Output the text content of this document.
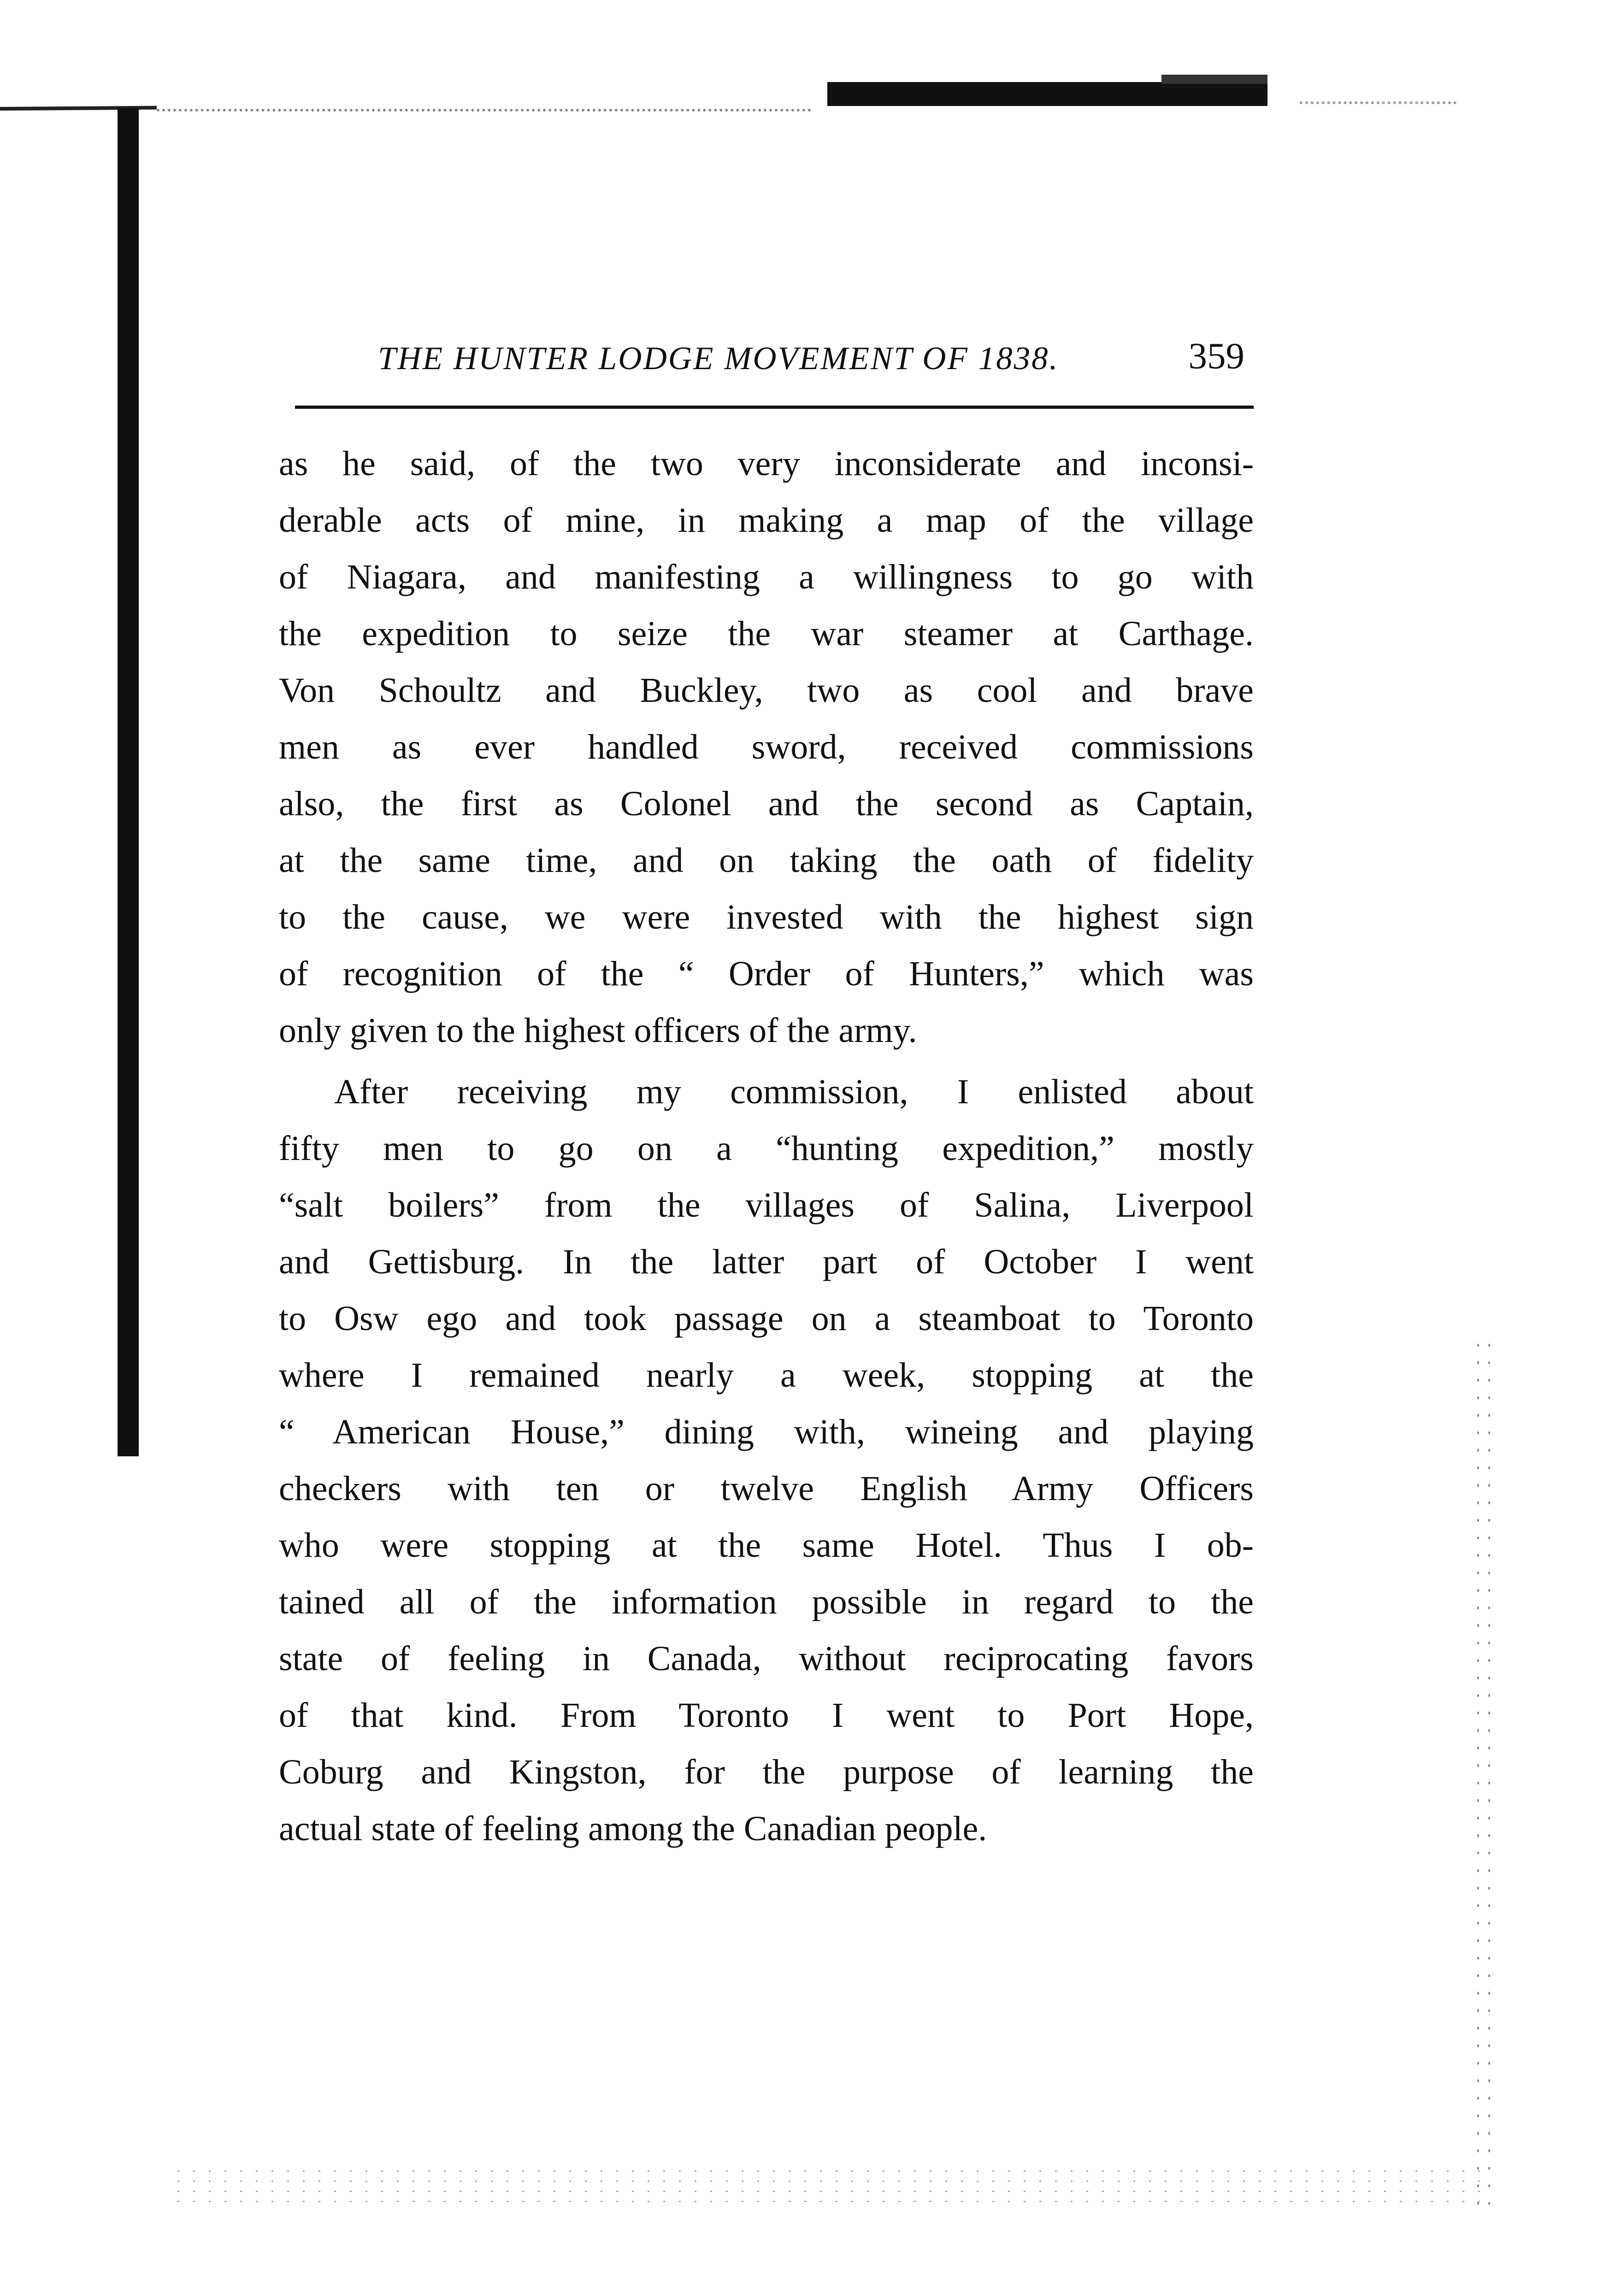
THE HUNTER LODGE MOVEMENT OF 1838.	359
as he said, of the two very inconsiderate and inconsi-
derable acts of mine, in making a map of the village
of Niagara, and manifesting a willingness to go with
the expedition to seize the war steamer at Carthage.
Von Schoultz and Buckley, two as cool and brave
men as ever handled sword, received commissions
also, the first as Colonel and the second as Captain,
at the same time, and on taking the oath of fidelity
to the cause, we were invested with the highest sign
of recognition of the “ Order of Hunters,” which was
only given to the highest officers of the army.
After receiving my commission, I enlisted about
fifty men to go on a “hunting expedition,” mostly
“salt boilers” from the villages of Salina, Liverpool
and Gettisburg. In the latter part of October I went
to Osw ego and took passage on a steamboat to Toronto
where I remained nearly a week, stopping at the
“ American House,” dining with, wineing and playing
checkers with ten or twelve English Army Officers
who were stopping at the same Hotel. Thus I ob-
tained all of the information possible in regard to the
state of feeling in Canada, without reciprocating favors
of that kind. From Toronto I went to Port Hope,
Coburg and Kingston, for the purpose of learning the
actual state of feeling among the Canadian people.
